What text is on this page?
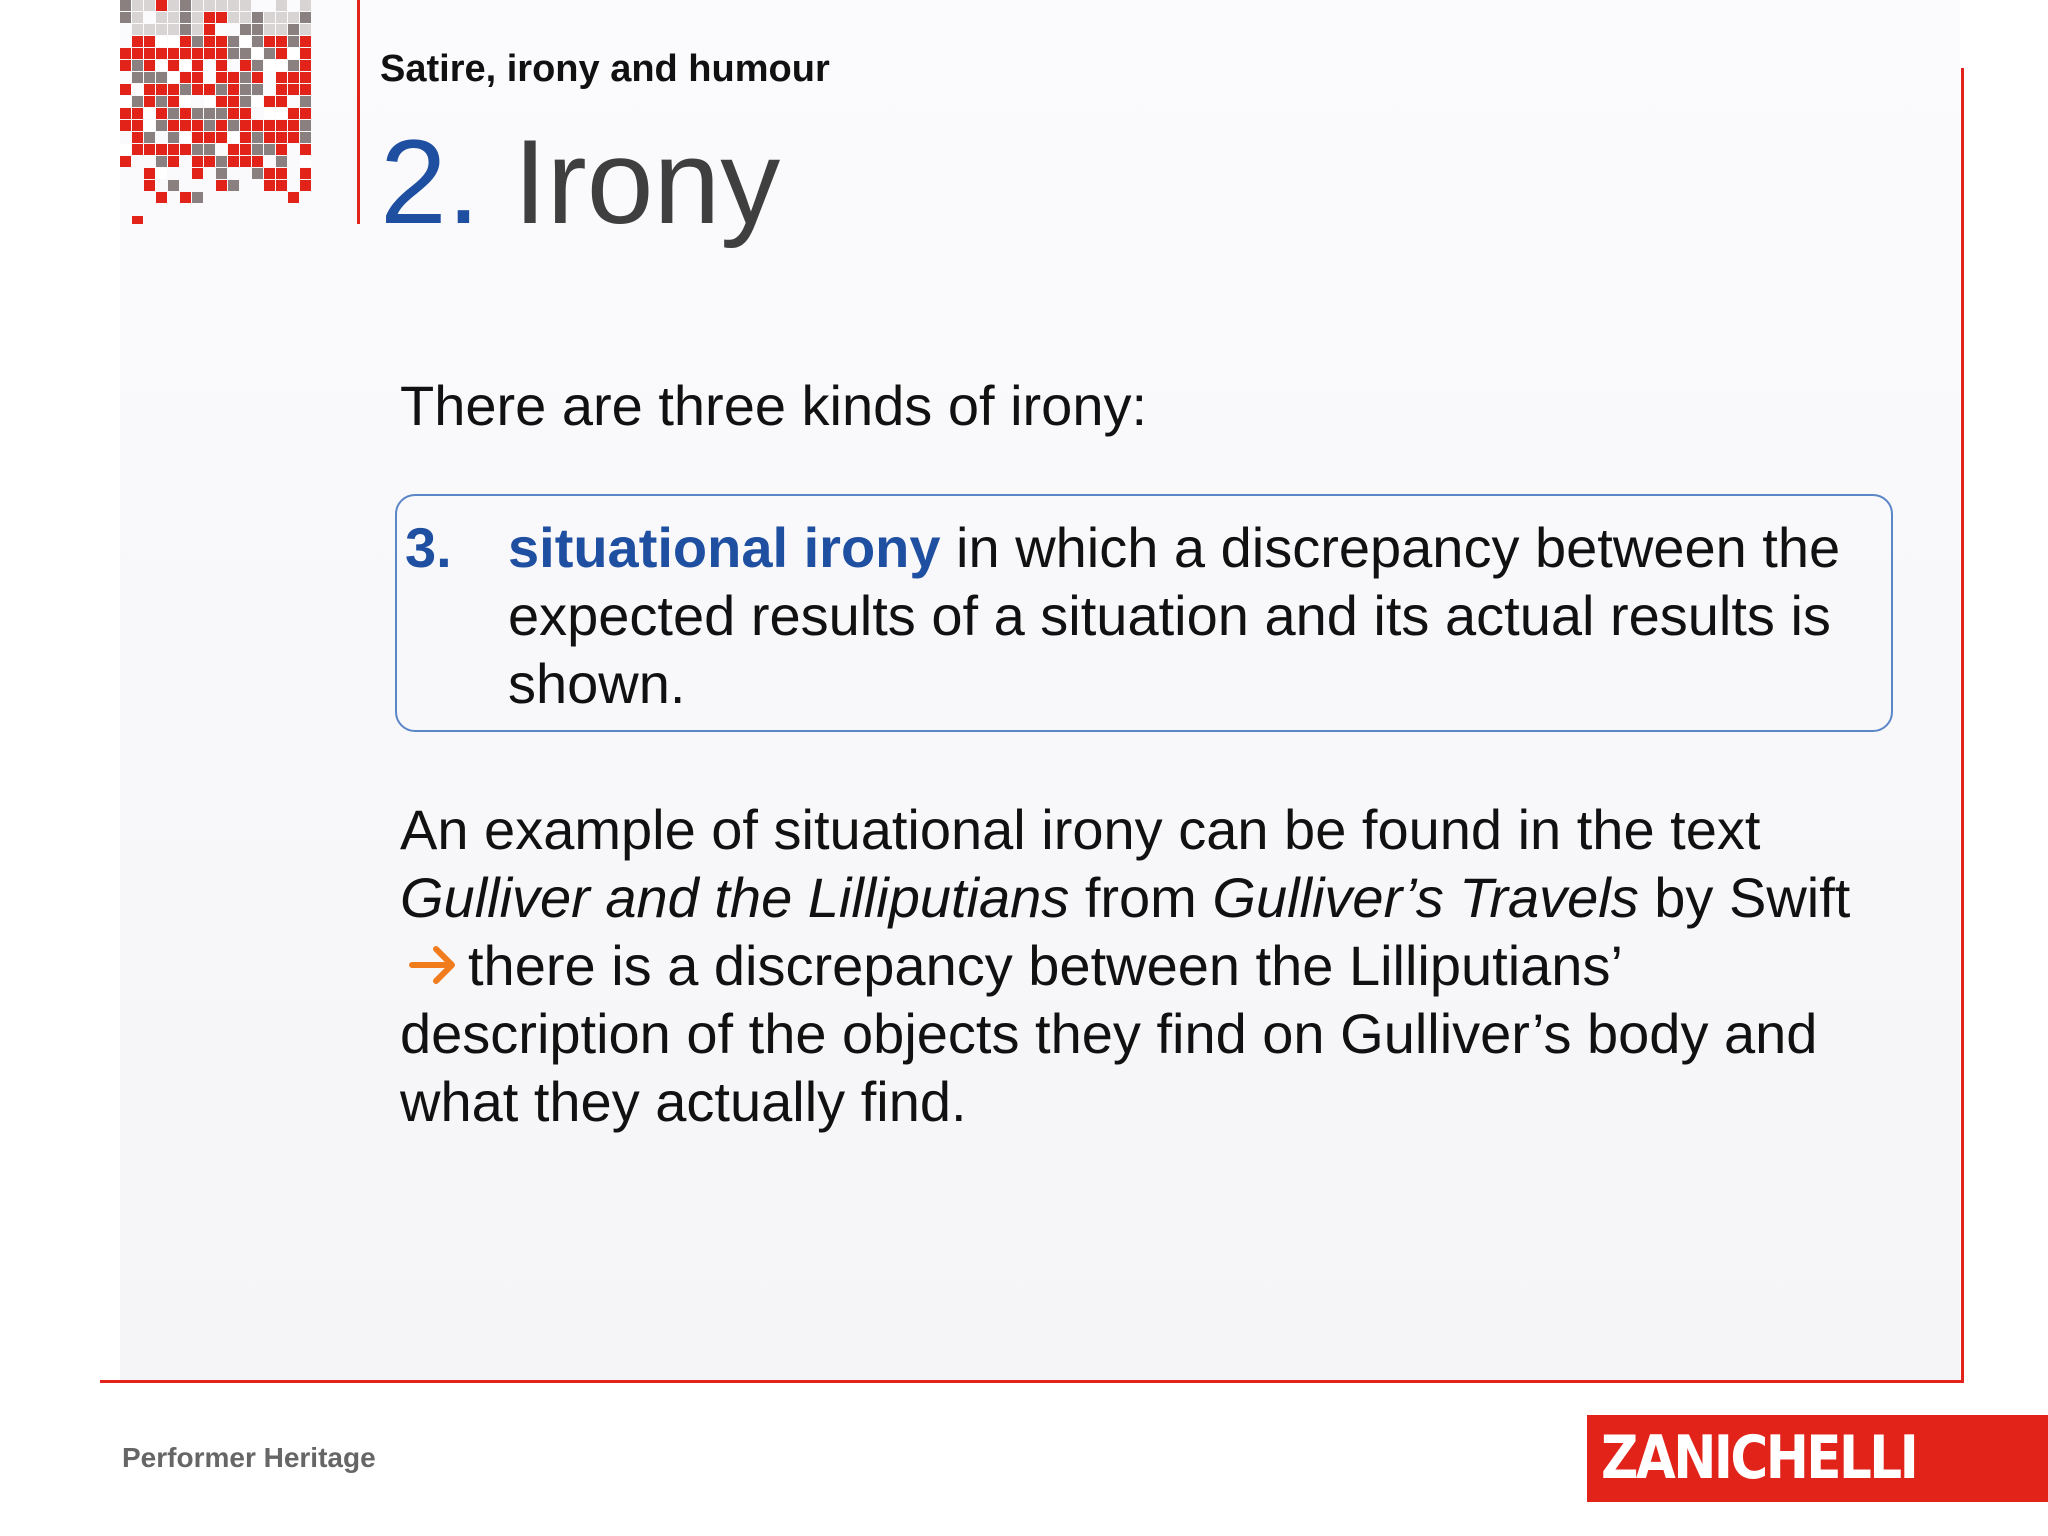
Satire, irony and humour
2. Irony
There are three kinds of irony:
3. situational irony in which a discrepancy between the expected results of a situation and its actual results is shown.
An example of situational irony can be found in the text Gulliver and the Lilliputians from Gulliver’s Travels by Swiftthere is a discrepancy between the Lilliputians’ description of the objects they find on Gulliver’s body and what they actually find.
Performer Heritage	ZANICHELLI
